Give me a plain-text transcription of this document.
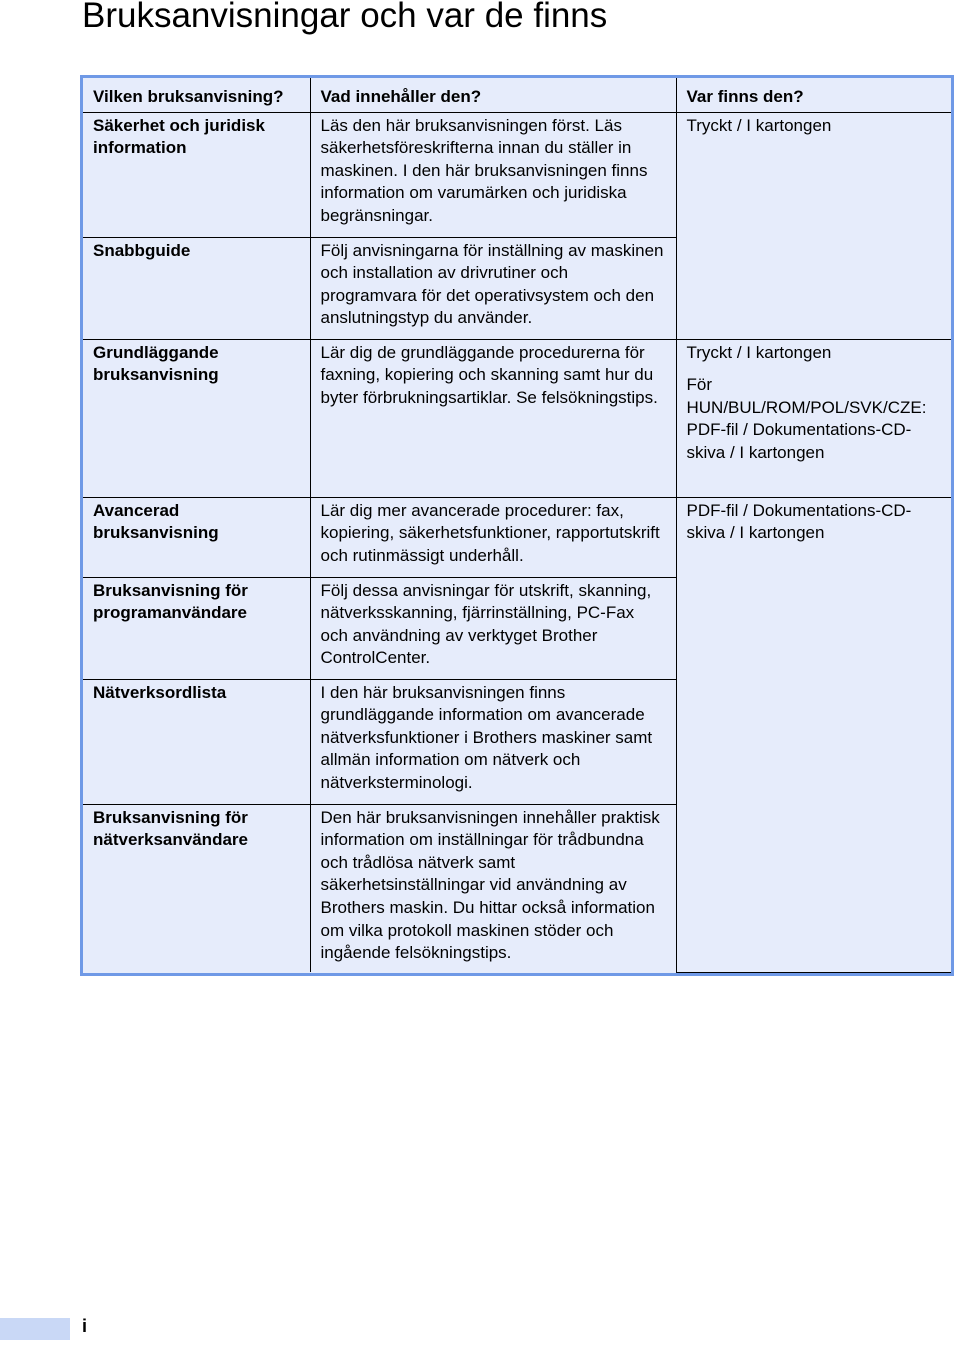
Bruksanvisningar och var de finns
Vilken bruksanvisning?	Vad innehåller den?	Var finns den?
Säkerhet och juridisk information	Läs den här bruksanvisningen först. Läs säkerhetsföreskrifterna innan du ställer in maskinen. I den här bruksanvisningen finns information om varumärken och juridiska begränsningar.	Tryckt / I kartongen
Snabbguide	Följ anvisningarna för inställning av maskinen och installation av drivrutiner och programvara för det operativsystem och den anslutningstyp du använder.	
Grundläggande bruksanvisning	Lär dig de grundläggande procedurerna för faxning, kopiering och skanning samt hur du byter förbrukningsartiklar. Se felsökningstips.	Tryckt / I kartongen
För HUN/BUL/ROM/POL/SVK/CZE: PDF-fil / Dokumentations-CD-skiva / I kartongen

Avancerad bruksanvisning	Lär dig mer avancerade procedurer: fax, kopiering, säkerhetsfunktioner, rapportutskrift och rutinmässigt underhåll.	PDF-fil / Dokumentations-CD-skiva / I kartongen
Bruksanvisning för programanvändare	Följ dessa anvisningar för utskrift, skanning, nätverksskanning, fjärrinställning, PC-Fax och användning av verktyget Brother ControlCenter.	
Nätverksordlista	I den här bruksanvisningen finns grundläggande information om avancerade nätverksfunktioner i Brothers maskiner samt allmän information om nätverk och nätverksterminologi.	
Bruksanvisning för nätverksanvändare	Den här bruksanvisningen innehåller praktisk information om inställningar för trådbundna och trådlösa nätverk samt säkerhetsinställningar vid användning av Brothers maskin. Du hittar också information om vilka protokoll maskinen stöder och ingående felsökningstips.	
i
